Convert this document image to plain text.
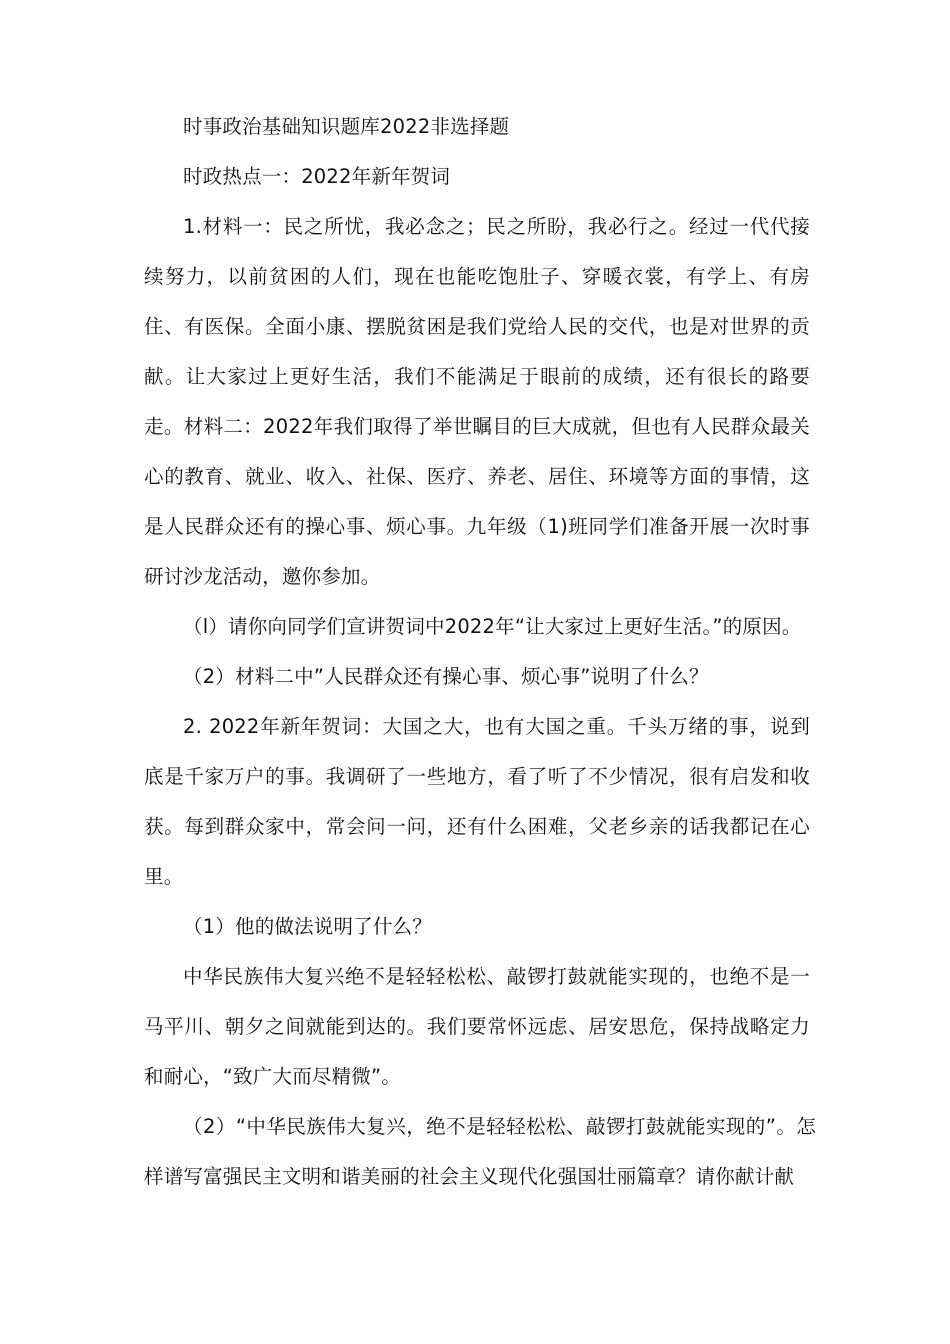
时事政治基础知识题库2022非选择题

时政热点一：2022年新年贺词

1.材料一：民之所忧，我必念之；民之所盼，我必行之。经过一代代接续努力，以前贫困的人们，现在也能吃饱肚子、穿暖衣裳，有学上、有房住、有医保。全面小康、摆脱贫困是我们党给人民的交代，也是对世界的贡献。让大家过上更好生活，我们不能满足于眼前的成绩，还有很长的路要走。材料二：2022年我们取得了举世瞩目的巨大成就，但也有人民群众最关心的教育、就业、收入、社保、医疗、养老、居住、环境等方面的事情，这是人民群众还有的操心事、烦心事。九年级（1)班同学们准备开展一次时事研讨沙龙活动，邀你参加。

（l）请你向同学们宣讲贺词中2022年“让大家过上更好生活。”的原因。

（2）材料二中”人民群众还有操心事、烦心事”说明了什么？

2. 2022年新年贺词：大国之大，也有大国之重。千头万绪的事，说到底是千家万户的事。我调研了一些地方，看了听了不少情况，很有启发和收获。每到群众家中，常会问一问，还有什么困难，父老乡亲的话我都记在心里。

（1）他的做法说明了什么？

中华民族伟大复兴绝不是轻轻松松、敲锣打鼓就能实现的，也绝不是一马平川、朝夕之间就能到达的。我们要常怀远虑、居安思危，保持战略定力和耐心，“致广大而尽精微”。

（2）“中华民族伟大复兴，绝不是轻轻松松、敲锣打鼓就能实现的”。怎样谱写富强民主文明和谐美丽的社会主义现代化强国壮丽篇章？请你献计献
